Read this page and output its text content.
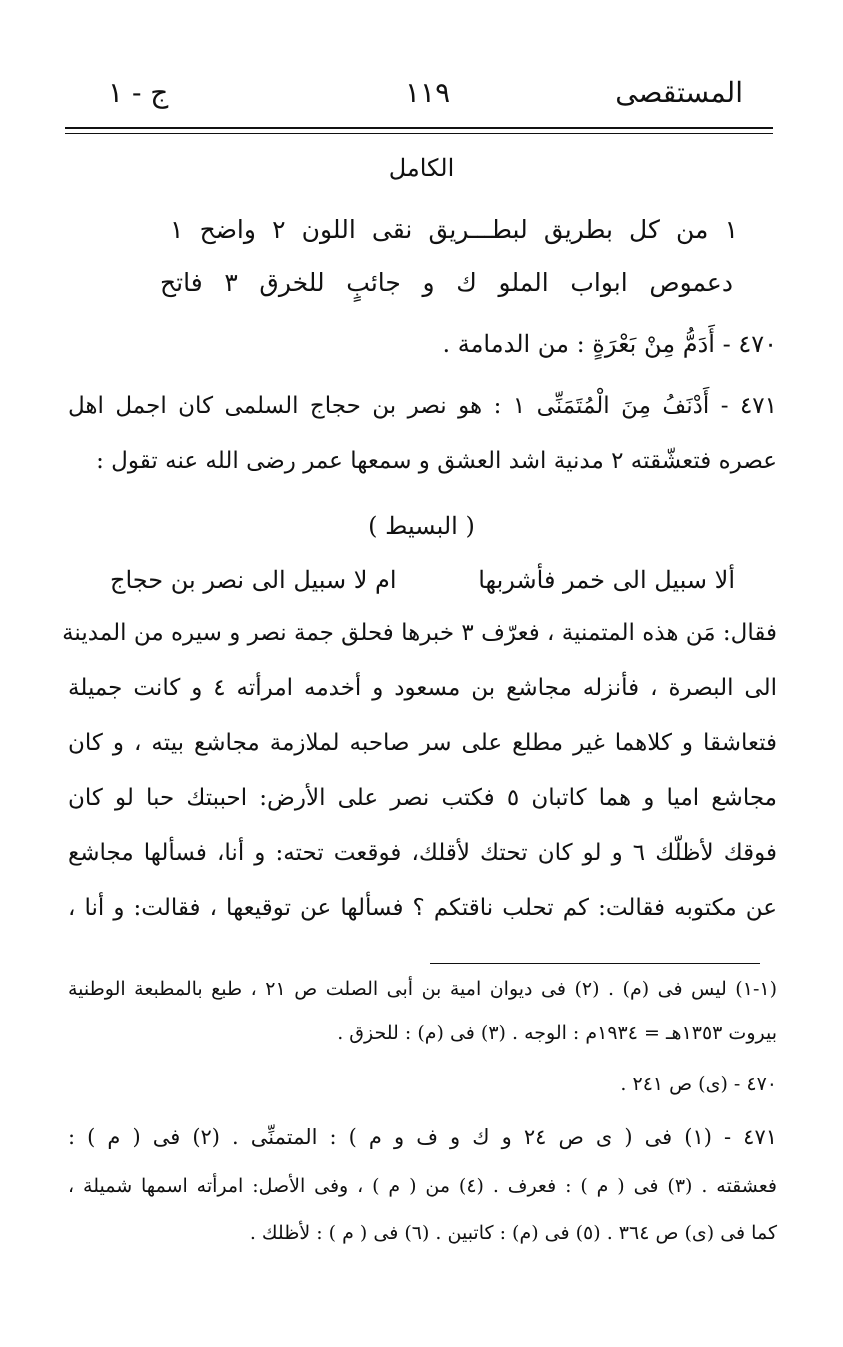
المستقصى
١١٩
ج - ١
الكامل
١ من كل بطريق لبطـــريق نقى اللون ٢ واضح ١
دعموص ابواب الملو ك و جائبٍ للخرق ٣ فاتح
٤٧٠ - أَدَمُّ مِنْ بَعْرَةٍ : من الدمامة .
٤٧١ - أَدْنَفُ مِنَ الْمُتَمَنِّى ١ : هو نصر بن حجاج السلمى كان اجمل اهل
عصره فتعشّقته ٢ مدنية اشد العشق و سمعها عمر رضى الله عنه تقول :
( البسيط )
ألا سبيل الى خمر فأشربها
ام لا سبيل الى نصر بن حجاج
فقال: مَن هذه المتمنية ، فعرّف ٣ خبرها فحلق جمة نصر و سيره من المدينة
الى البصرة ، فأنزله مجاشع بن مسعود و أخدمه امرأته ٤ و كانت جميلة
فتعاشقا و كلاهما غير مطلع على سر صاحبه لملازمة مجاشع بيته ، و كان
مجاشع اميا و هما كاتبان ٥ فكتب نصر على الأرض: احببتك حبا لو كان
فوقك لأظلّك ٦ و لو كان تحتك لأقلك، فوقعت تحته: و أنا، فسألها مجاشع
عن مكتوبه فقالت: كم تحلب ناقتكم ؟ فسألها عن توقيعها ، فقالت: و أنا ،
(١-١) ليس فى (م) . (٢) فى ديوان امية بن أبى الصلت ص ٢١ ، طبع بالمطبعة الوطنية
بيروت ١٣٥٣هـ = ١٩٣٤م : الوجه . (٣) فى (م) : للحزق .
٤٧٠ - (ى) ص ٢٤١ .
٤٧١ - (١) فى ( ى ص ٢٤ و ك و ف و م ) : المتمنِّى . (٢) فى ( م ) :
فعشقته . (٣) فى ( م ) : فعرف . (٤) من ( م ) ، وفى الأصل: امرأته اسمها شميلة ،
كما فى (ى) ص ٣٦٤ . (٥) فى (م) : كاتبين . (٦) فى ( م ) : لأظلك .
